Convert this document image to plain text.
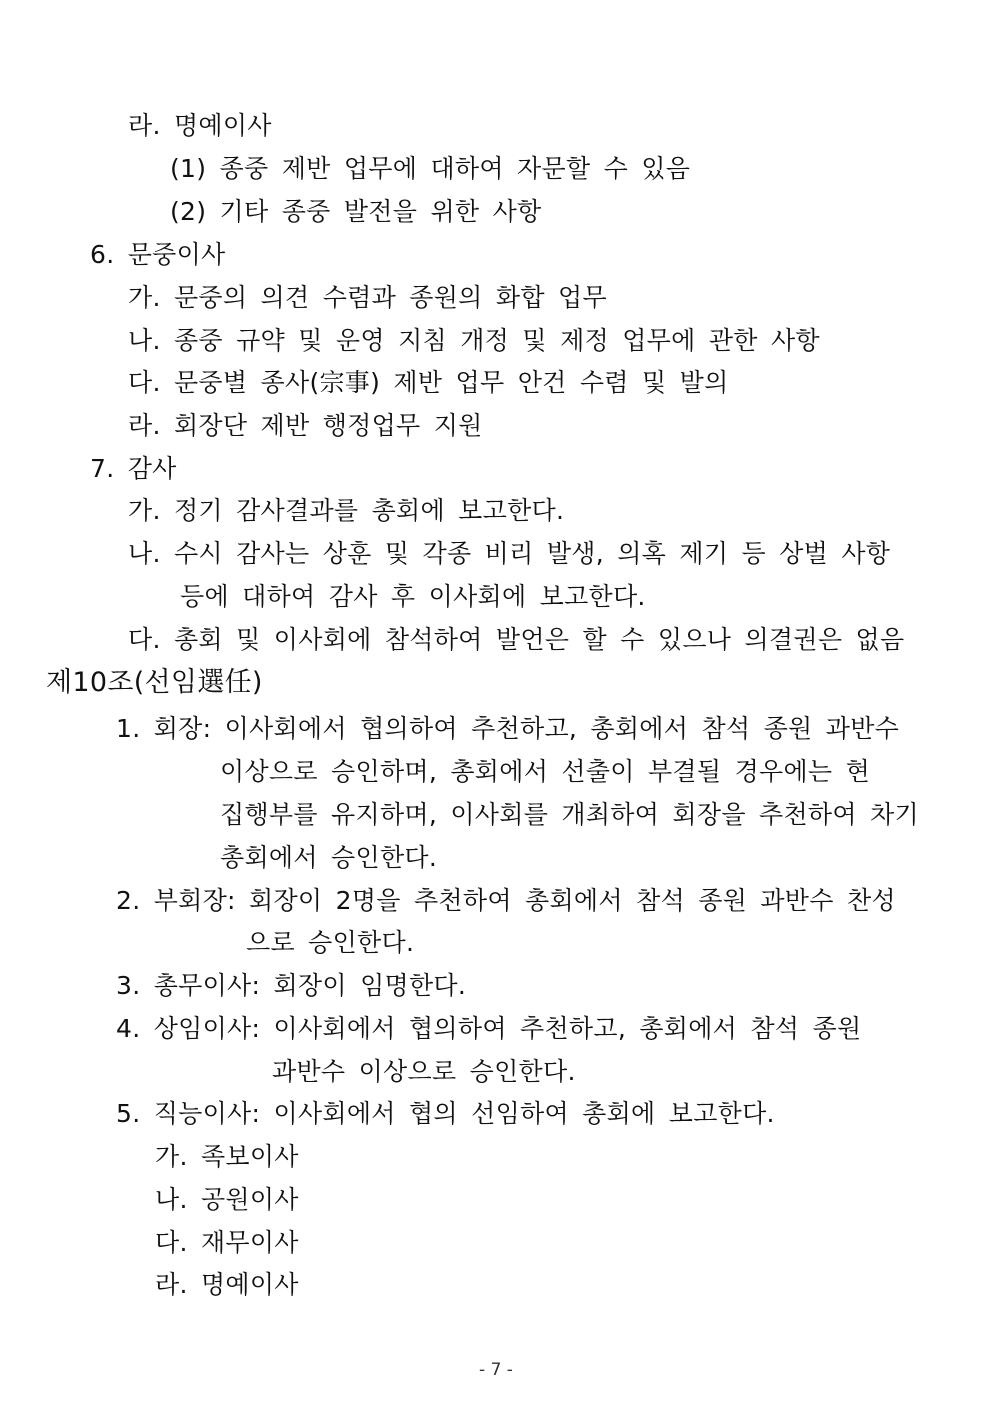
라. 명예이사
(1) 종중 제반 업무에 대하여 자문할 수 있음
(2) 기타 종중 발전을 위한 사항
6. 문중이사
가. 문중의 의견 수렴과 종원의 화합 업무
나. 종중 규약 및 운영 지침 개정 및 제정 업무에 관한 사항
다. 문중별 종사(宗事) 제반 업무 안건 수렴 및 발의
라. 회장단 제반 행정업무 지원
7. 감사
가. 정기 감사결과를 총회에 보고한다.
나. 수시 감사는 상훈 및 각종 비리 발생, 의혹 제기 등 상벌 사항
등에 대하여 감사 후 이사회에 보고한다.
다. 총회 및 이사회에 참석하여 발언은 할 수 있으나 의결권은 없음
제10조(선임選任)
1. 회장: 이사회에서 협의하여 추천하고, 총회에서 참석 종원 과반수
이상으로 승인하며, 총회에서 선출이 부결될 경우에는 현
집행부를 유지하며, 이사회를 개최하여 회장을 추천하여 차기
총회에서 승인한다.
2. 부회장: 회장이 2명을 추천하여 총회에서 참석 종원 과반수 찬성
으로 승인한다.
3. 총무이사: 회장이 임명한다.
4. 상임이사: 이사회에서 협의하여 추천하고, 총회에서 참석 종원
과반수 이상으로 승인한다.
5. 직능이사: 이사회에서 협의 선임하여 총회에 보고한다.
가. 족보이사
나. 공원이사
다. 재무이사
라. 명예이사
- 7 -
